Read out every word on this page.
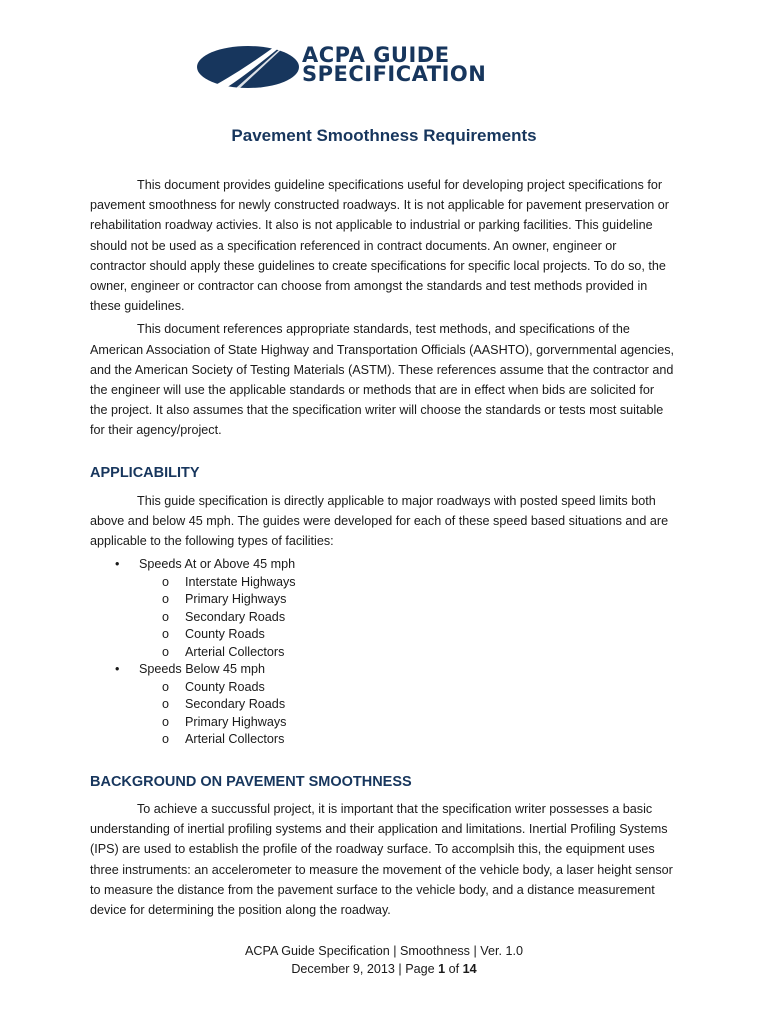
ACPA GUIDE
SPECIFICATION
Pavement Smoothness Requirements

This document provides guideline specifications useful for developing project specifications for pavement smoothness for newly constructed roadways. It is not applicable for pavement preservation or rehabilitation roadway activies. It also is not applicable to industrial or parking facilities. This guideline should not be used as a specification referenced in contract documents. An owner, engineer or contractor should apply these guidelines to create specifications for specific local projects. To do so, the owner, engineer or contractor can choose from amongst the standards and test methods provided in these guidelines.

This document references appropriate standards, test methods, and specifications of the American Association of State Highway and Transportation Officials (AASHTO), gorvernmental agencies, and the American Society of Testing Materials (ASTM). These references assume that the contractor and the engineer will use the applicable standards or methods that are in effect when bids are solicited for the project. It also assumes that the specification writer will choose the standards or tests most suitable for their agency/project.

APPLICABILITY

This guide specification is directly applicable to major roadways with posted speed limits both above and below 45 mph. The guides were developed for each of these speed based situations and are applicable to the following types of facilities:

• Speeds At or Above 45 mph
o Interstate Highways
o Primary Highways
o Secondary Roads
o County Roads
o Arterial Collectors
• Speeds Below 45 mph
o County Roads
o Secondary Roads
o Primary Highways
o Arterial Collectors
BACKGROUND ON PAVEMENT SMOOTHNESS

To achieve a succussful project, it is important that the specification writer possesses a basic understanding of inertial profiling systems and their application and limitations. Inertial Profiling Systems (IPS) are used to establish the profile of the roadway surface. To accomplsih this, the equipment uses three instruments: an accelerometer to measure the movement of the vehicle body, a laser height sensor to measure the distance from the pavement surface to the vehicle body, and a distance measurement device for determining the position along the roadway.

ACPA Guide Specification | Smoothness | Ver. 1.0
December 9, 2013 | Page 1 of 14
